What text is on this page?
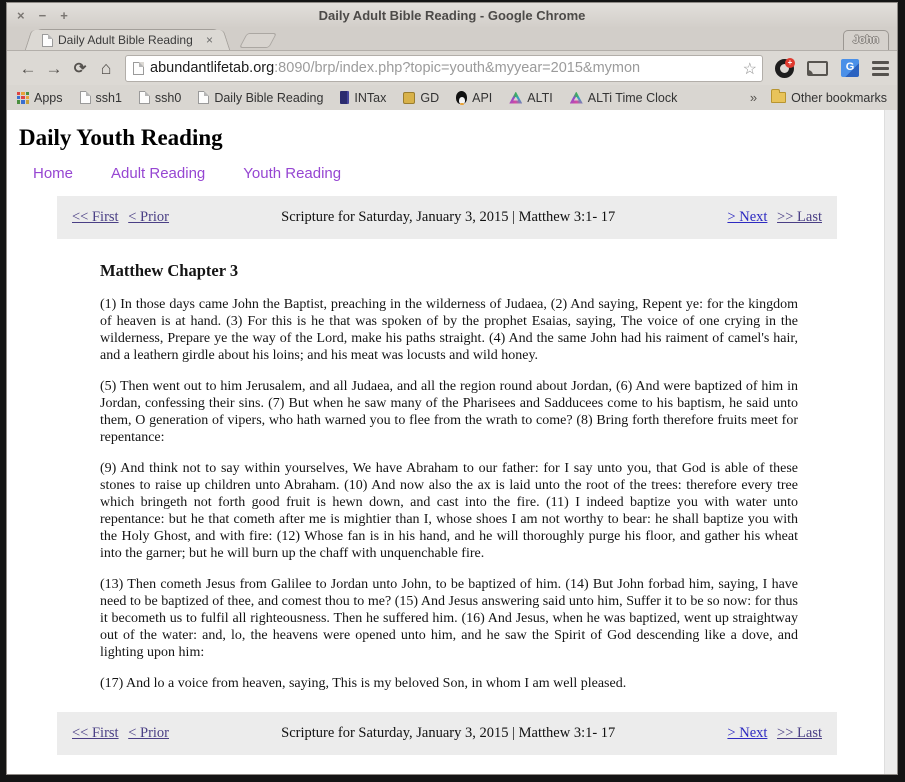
× − +	Daily Adult Bible Reading - Google Chrome
Daily Adult Bible Reading ×	John
← → ⟳ ⌂	abundantlifetab.org:8090/brp/index.php?topic=youth&myyear=2015&mymon	☆	+	G
Apps	ssh1	ssh0	Daily Bible Reading INTax	GD	API	ALTI	ALTi Time Clock	»	Other bookmarks
Daily Youth Reading
Home	Adult Reading	Youth Reading
<< First < Prior	Scripture for Saturday, January 3, 2015 | Matthew 3:1- 17	> Next >> Last
Matthew Chapter 3

(1) In those days came John the Baptist, preaching in the wilderness of Judaea, (2) And saying, Repent ye: for the kingdom of heaven is at hand. (3) For this is he that was spoken of by the prophet Esaias, saying, The voice of one crying in the wilderness, Prepare ye the way of the Lord, make his paths straight. (4) And the same John had his raiment of camel's hair, and a leathern girdle about his loins; and his meat was locusts and wild honey.

(5) Then went out to him Jerusalem, and all Judaea, and all the region round about Jordan, (6) And were baptized of him in Jordan, confessing their sins. (7) But when he saw many of the Pharisees and Sadducees come to his baptism, he said unto them, O generation of vipers, who hath warned you to flee from the wrath to come? (8) Bring forth therefore fruits meet for repentance:

(9) And think not to say within yourselves, We have Abraham to our father: for I say unto you, that God is able of these stones to raise up children unto Abraham. (10) And now also the ax is laid unto the root of the trees: therefore every tree which bringeth not forth good fruit is hewn down, and cast into the fire. (11) I indeed baptize you with water unto repentance: but he that cometh after me is mightier than I, whose shoes I am not worthy to bear: he shall baptize you with the Holy Ghost, and with fire: (12) Whose fan is in his hand, and he will thoroughly purge his floor, and gather his wheat into the garner; but he will burn up the chaff with unquenchable fire.

(13) Then cometh Jesus from Galilee to Jordan unto John, to be baptized of him. (14) But John forbad him, saying, I have need to be baptized of thee, and comest thou to me? (15) And Jesus answering said unto him, Suffer it to be so now: for thus it becometh us to fulfil all righteousness. Then he suffered him. (16) And Jesus, when he was baptized, went up straightway out of the water: and, lo, the heavens were opened unto him, and he saw the Spirit of God descending like a dove, and lighting upon him:

(17) And lo a voice from heaven, saying, This is my beloved Son, in whom I am well pleased.

<< First < Prior	Scripture for Saturday, January 3, 2015 | Matthew 3:1- 17	> Next >> Last
